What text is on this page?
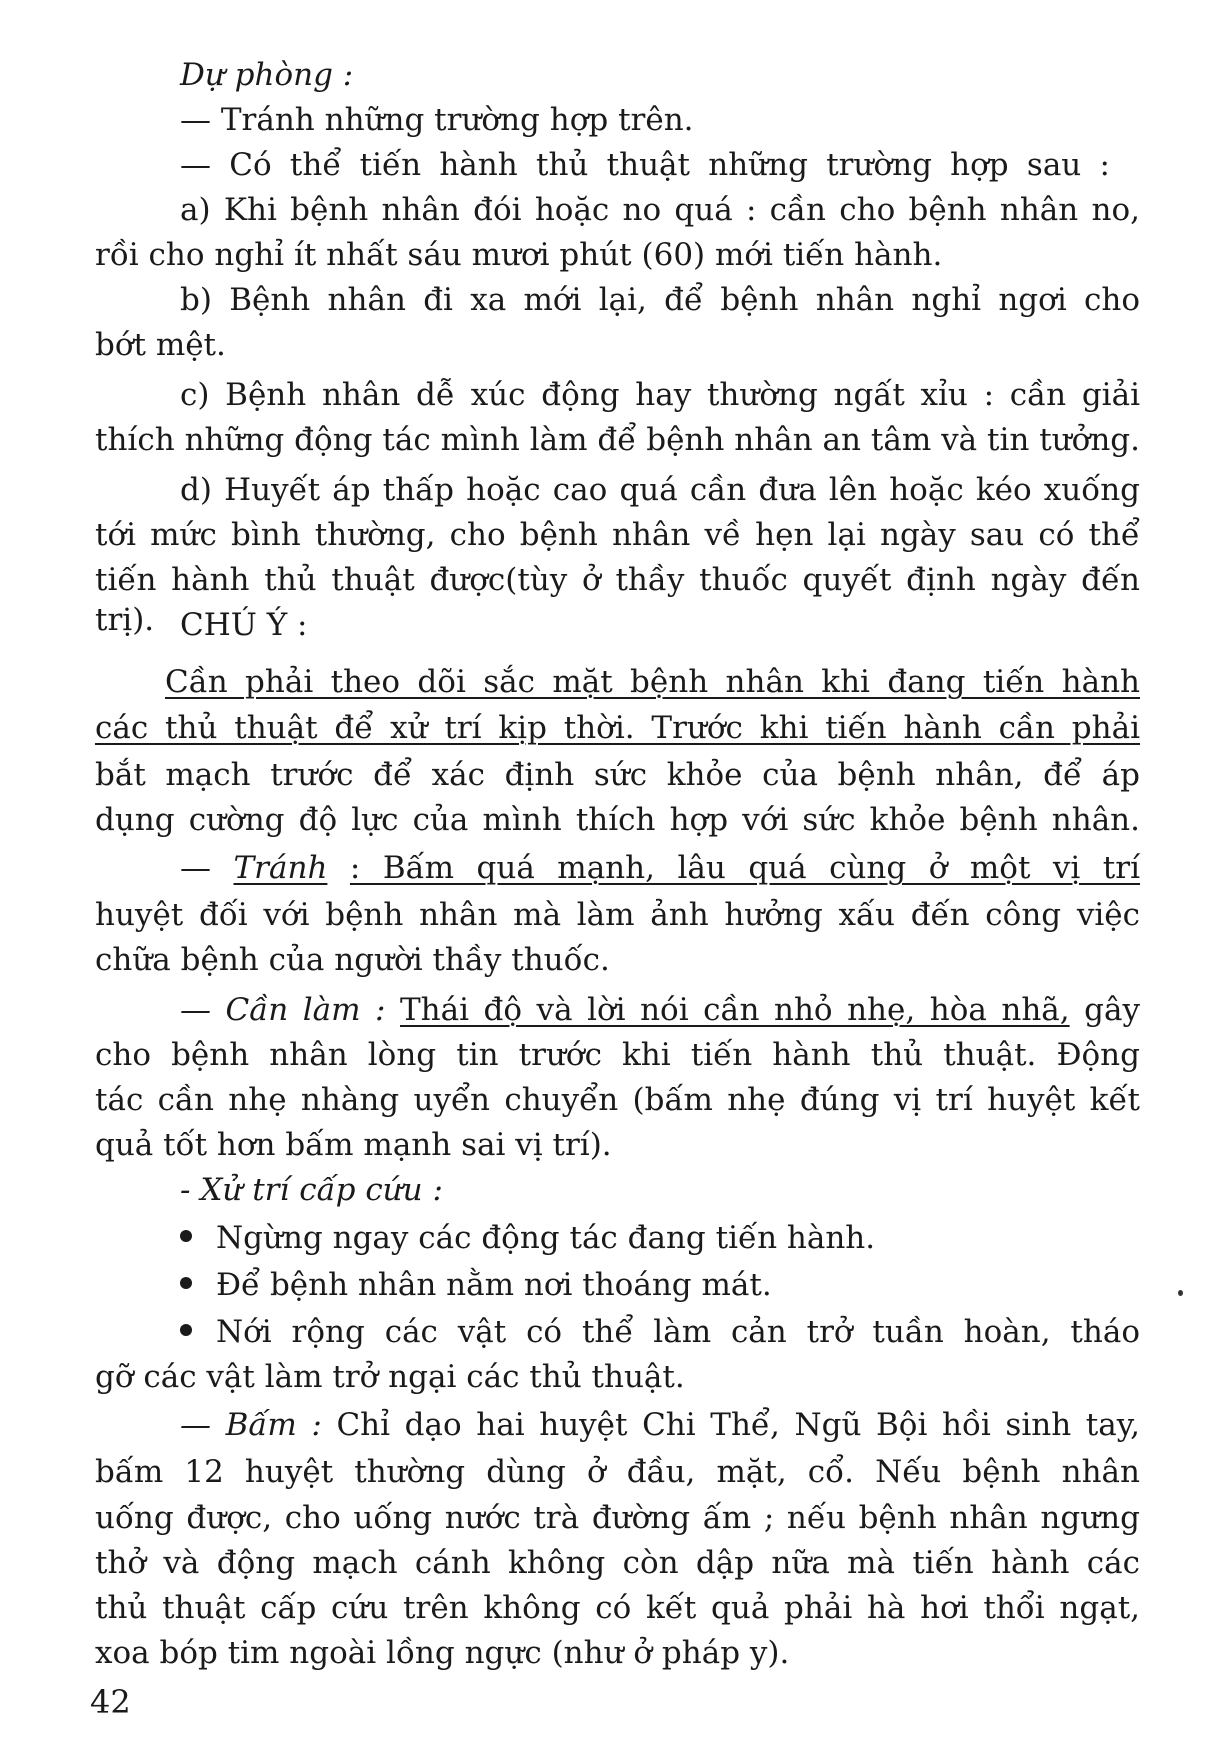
Dự phòng :
— Tránh những trường hợp trên.
— Có thể tiến hành thủ thuật những trường hợp sau :
a) Khi bệnh nhân đói hoặc no quá : cần cho bệnh nhân no,
rồi cho nghỉ ít nhất sáu mươi phút (60) mới tiến hành.
b) Bệnh nhân đi xa mới lại, để bệnh nhân nghỉ ngơi cho
bớt mệt.
c) Bệnh nhân dễ xúc động hay thường ngất xỉu : cần giải
thích những động tác mình làm để bệnh nhân an tâm và tin tưởng.
d) Huyết áp thấp hoặc cao quá cần đưa lên hoặc kéo xuống
tới mức bình thường, cho bệnh nhân về hẹn lại ngày sau có thể
tiến hành thủ thuật được(tùy ở thầy thuốc quyết định ngày đến trị). CHÚ Ý :
Cần phải theo dõi sắc mặt bệnh nhân khi đang tiến hành
các thủ thuật để xử trí kịp thời. Trước khi tiến hành cần phải
bắt mạch trước để xác định sức khỏe của bệnh nhân, để áp
dụng cường độ lực của mình thích hợp với sức khỏe bệnh nhân.
— Tránh : Bấm quá mạnh, lâu quá cùng ở một vị trí
huyệt đối với bệnh nhân mà làm ảnh hưởng xấu đến công việc
chữa bệnh của người thầy thuốc.
— Cần làm : Thái độ và lời nói cần nhỏ nhẹ, hòa nhã, gây
cho bệnh nhân lòng tin trước khi tiến hành thủ thuật. Động
tác cần nhẹ nhàng uyển chuyển (bấm nhẹ đúng vị trí huyệt kết
quả tốt hơn bấm mạnh sai vị trí).
- Xử trí cấp cứu :
Ngừng ngay các động tác đang tiến hành.
Để bệnh nhân nằm nơi thoáng mát.
Nới rộng các vật có thể làm cản trở tuần hoàn, tháo
gỡ các vật làm trở ngại các thủ thuật.
— Bấm : Chỉ dạo hai huyệt Chi Thể, Ngũ Bội hồi sinh tay,
bấm 12 huyệt thường dùng ở đầu, mặt, cổ. Nếu bệnh nhân
uống được, cho uống nước trà đường ấm ; nếu bệnh nhân ngưng
thở và động mạch cánh không còn dập nữa mà tiến hành các
thủ thuật cấp cứu trên không có kết quả phải hà hơi thổi ngạt,
xoa bóp tim ngoài lồng ngực (như ở pháp y).
42
